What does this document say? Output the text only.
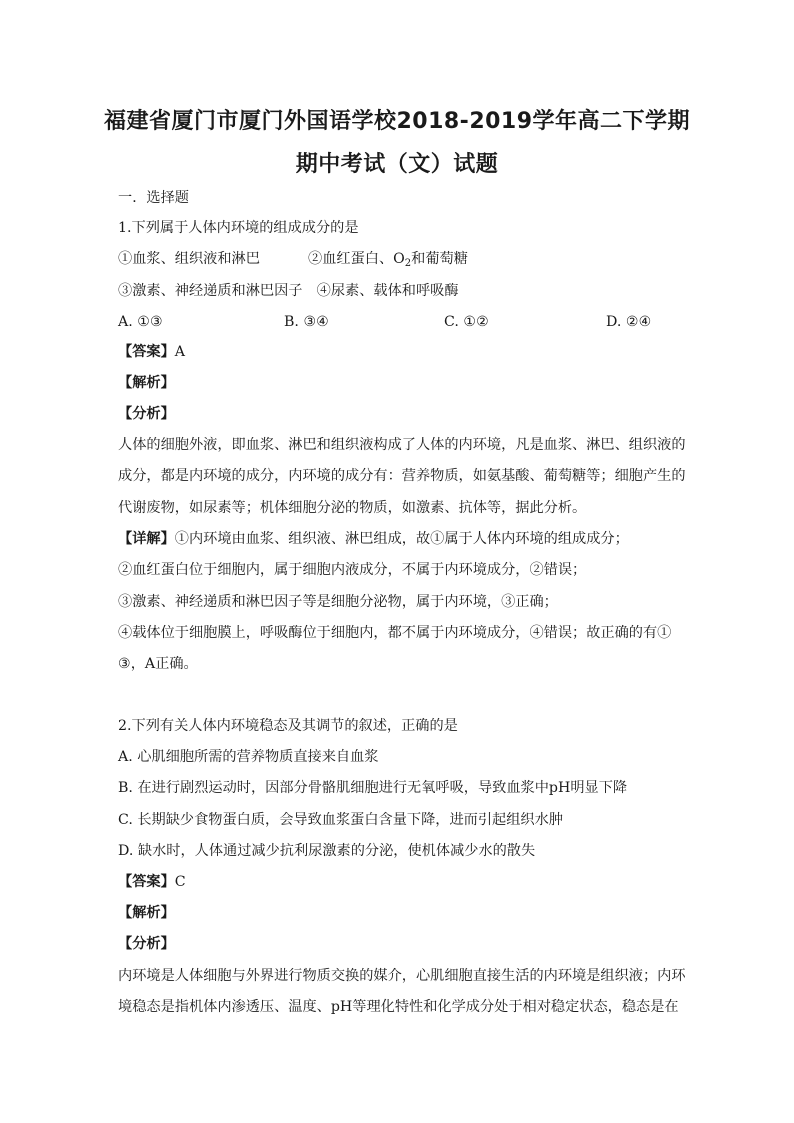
福建省厦门市厦门外国语学校2018-2019学年高二下学期
期中考试（文）试题
一．选择题
1.下列属于人体内环境的组成成分的是
①血浆、组织液和淋巴	②血红蛋白、$O_2$和葡萄糖
③激素、神经递质和淋巴因子　④尿素、载体和呼吸酶
A. ①③	B. ③④	C. ①②	D. ②④
【答案】A
【解析】
【分析】
人体的细胞外液，即血浆、淋巴和组织液构成了人体的内环境，凡是血浆、淋巴、组织液的
成分，都是内环境的成分，内环境的成分有：营养物质，如氨基酸、葡萄糖等；细胞产生的
代谢废物，如尿素等；机体细胞分泌的物质，如激素、抗体等，据此分析。
【详解】①内环境由血浆、组织液、淋巴组成，故①属于人体内环境的组成成分；
②血红蛋白位于细胞内，属于细胞内液成分，不属于内环境成分，②错误；
③激素、神经递质和淋巴因子等是细胞分泌物，属于内环境，③正确；
④载体位于细胞膜上，呼吸酶位于细胞内，都不属于内环境成分，④错误；故正确的有①
③，A正确。
2.下列有关人体内环境稳态及其调节的叙述，正确的是
A. 心肌细胞所需的营养物质直接来自血浆
B. 在进行剧烈运动时，因部分骨骼肌细胞进行无氧呼吸，导致血浆中pH明显下降
C. 长期缺少食物蛋白质，会导致血浆蛋白含量下降，进而引起组织水肿
D. 缺水时，人体通过减少抗利尿激素的分泌，使机体减少水的散失
【答案】C
【解析】
【分析】
内环境是人体细胞与外界进行物质交换的媒介，心肌细胞直接生活的内环境是组织液；内环
境稳态是指机体内渗透压、温度、pH等理化特性和化学成分处于相对稳定状态，稳态是在
